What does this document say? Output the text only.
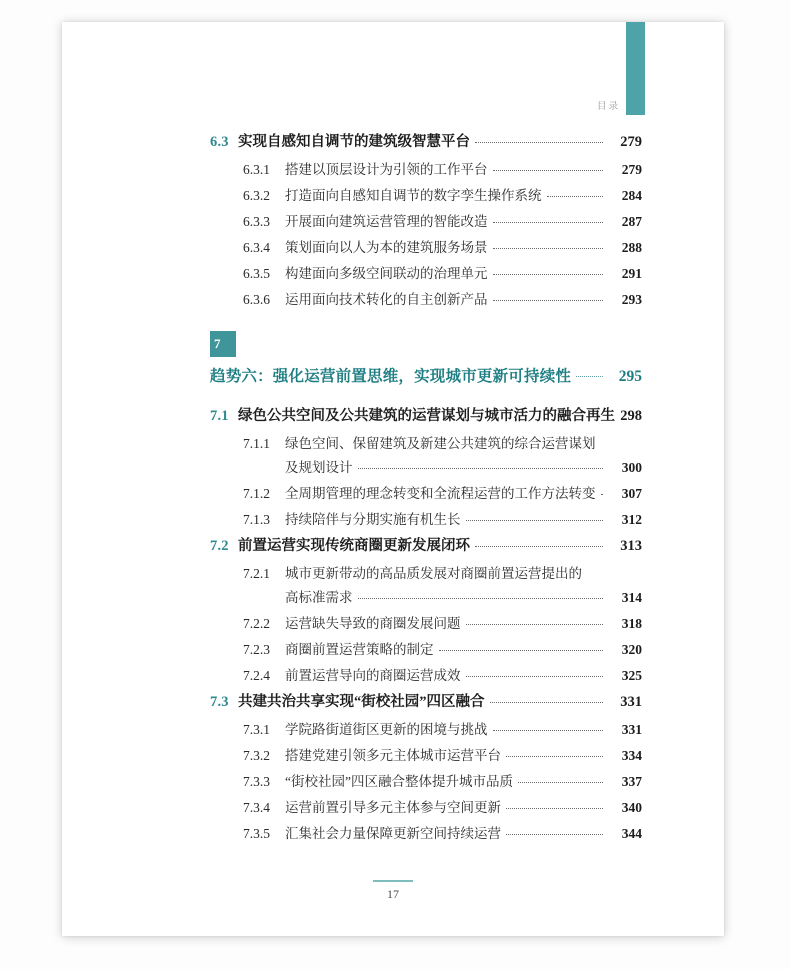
目录
6.3 实现自感知自调节的建筑级智慧平台	279
6.3.1	搭建以顶层设计为引领的工作平台	279
6.3.2	打造面向自感知自调节的数字孪生操作系统	284
6.3.3	开展面向建筑运营管理的智能改造	287
6.3.4	策划面向以人为本的建筑服务场景	288
6.3.5	构建面向多级空间联动的治理单元	291
6.3.6	运用面向技术转化的自主创新产品	293
7
趋势六：强化运营前置思维，实现城市更新可持续性	295
7.1 绿色公共空间及公共建筑的运营谋划与城市活力的融合再生 298
7.1.1	绿色空间、保留建筑及新建公共建筑的综合运营谋划
及规划设计	300
7.1.2	全周期管理的理念转变和全流程运营的工作方法转变	307
7.1.3	持续陪伴与分期实施有机生长	312
7.2 前置运营实现传统商圈更新发展闭环	313
7.2.1	城市更新带动的高品质发展对商圈前置运营提出的
高标准需求	314
7.2.2	运营缺失导致的商圈发展问题	318
7.2.3	商圈前置运营策略的制定	320
7.2.4	前置运营导向的商圈运营成效	325
7.3 共建共治共享实现“街校社园”四区融合	331
7.3.1	学院路街道街区更新的困境与挑战	331
7.3.2	搭建党建引领多元主体城市运营平台	334
7.3.3	“街校社园”四区融合整体提升城市品质	337
7.3.4	运营前置引导多元主体参与空间更新	340
7.3.5	汇集社会力量保障更新空间持续运营	344
17
